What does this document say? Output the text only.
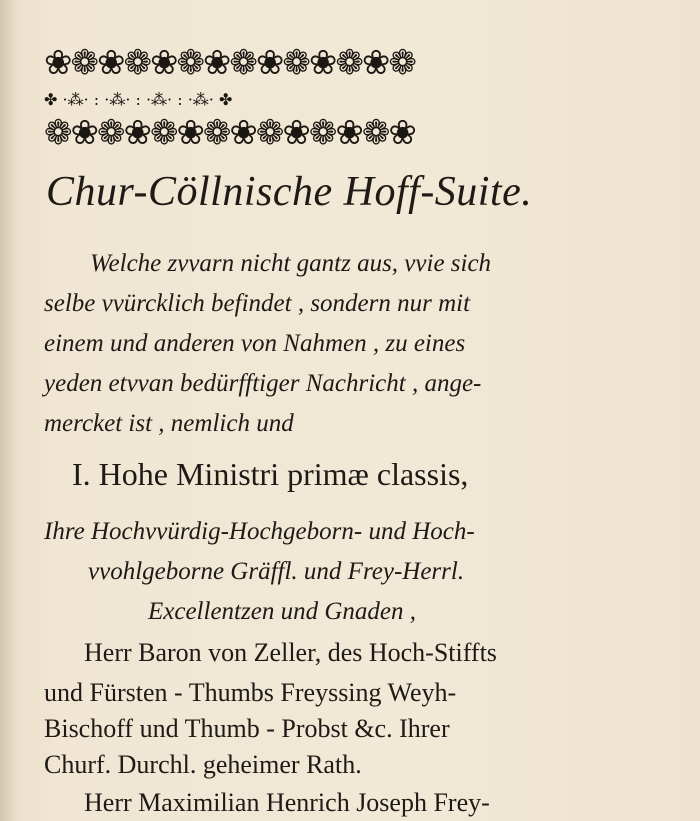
❀❁❀❁❀❁❀❁❀❁❀❁❀❁
✤ ·⁂· : ·⁂· : ·⁂· : ·⁂· ✤
❁❀❁❀❁❀❁❀❁❀❁❀❁❀
Chur-Cöllnische Hoff-Suite.
Welche zvvarn nicht gantz aus, vvie sich
selbe vvürcklich befindet , sondern nur mit
einem und anderen von Nahmen , zu eines
yeden etvvan bedürfftiger Nachricht , ange-
mercket ist , nemlich und
I. Hohe Ministri primæ classis,
Ihre Hochvvürdig-Hochgeborn- und Hoch-
vvohlgeborne Gräffl. und Frey-Herrl.
Excellentzen und Gnaden ,
Herr Baron von Zeller, des Hoch-Stiffts
und Fürsten - Thumbs Freyssing Weyh-
Bischoff und Thumb - Probst &c. Ihrer
Churf. Durchl. geheimer Rath.
Herr Maximilian Henrich Joseph Frey-
